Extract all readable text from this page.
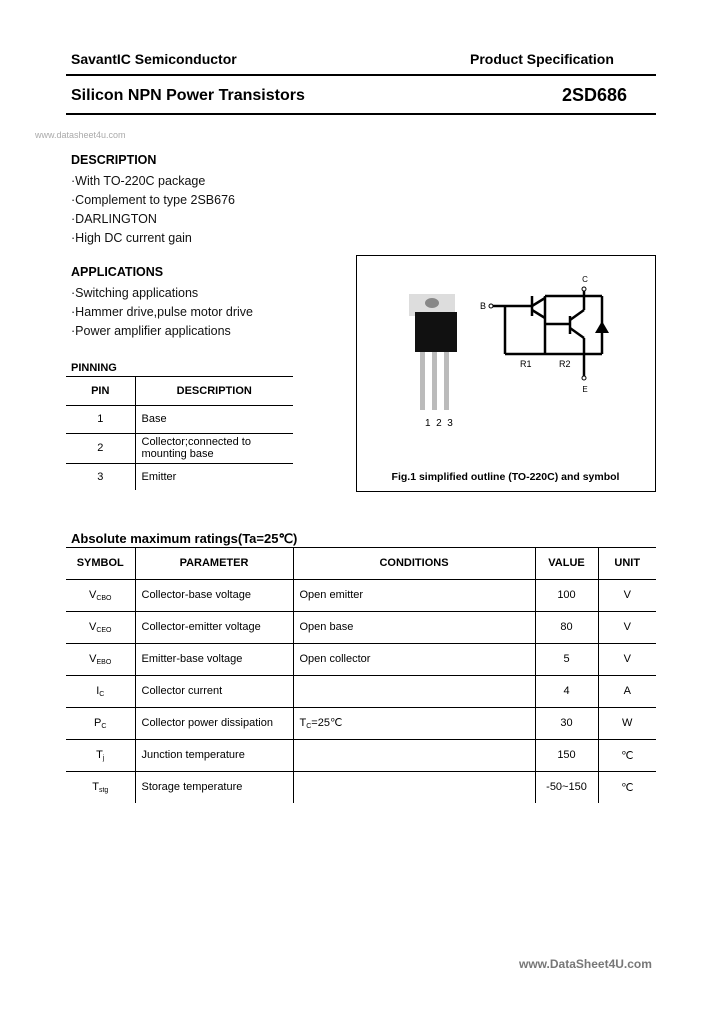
SavantIC Semiconductor	Product Specification
Silicon NPN Power Transistors	2SD686
www.datasheet4u.com
DESCRIPTION
·With TO-220C package
·Complement to type 2SB676
·DARLINGTON
·High DC current gain
APPLICATIONS
·Switching applications
·Hammer drive,pulse motor drive
·Power amplifier applications
PINNING
PIN	DESCRIPTION
1	Base
2	Collector;connected to mounting base
3	Emitter
C
B
E
R1	R2
1  2  3
Fig.1 simplified outline (TO-220C) and symbol
Absolute maximum ratings(Ta=25℃)
SYMBOL	PARAMETER	CONDITIONS	VALUE	UNIT
$V_{CBO}$	Collector-base voltage	Open emitter	100	V
$V_{CEO}$	Collector-emitter voltage	Open base	80	V
$V_{EBO}$	Emitter-base voltage	Open collector	5	V
$I_C$	Collector current		4	A
$P_C$	Collector power dissipation	$T_C=25℃$	30	W
$T_j$	Junction temperature		150	℃
$T_{stg}$	Storage temperature		-50~150	℃
www.DataSheet4U.com
